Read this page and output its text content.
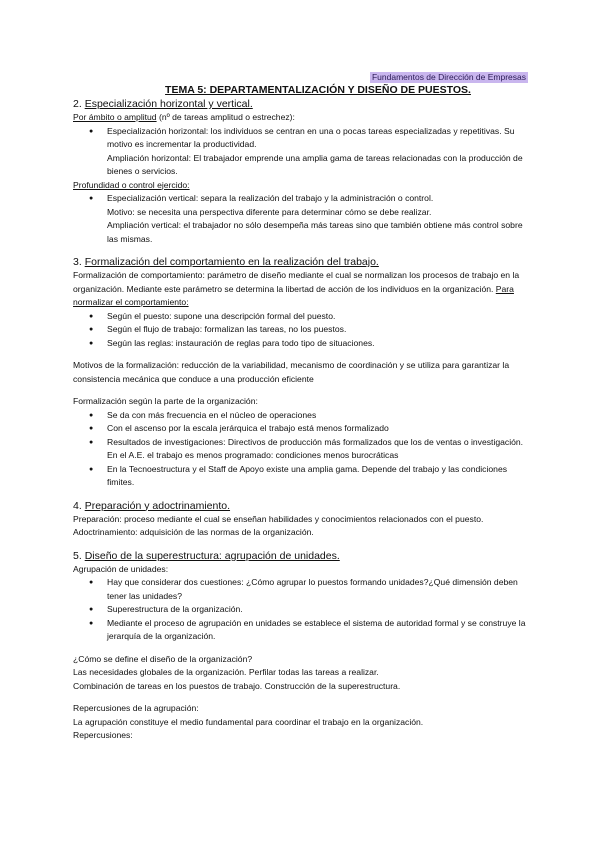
Fundamentos de Dirección de Empresas
TEMA 5: DEPARTAMENTALIZACIÓN Y DISEÑO DE PUESTOS.
2. Especialización horizontal y vertical.
Por ámbito o amplitud (nº de tareas amplitud o estrechez):
● Especialización horizontal: los individuos se centran en una o pocas tareas especializadas y repetitivas. Su motivo es incrementar la productividad.
Ampliación horizontal: El trabajador emprende una amplia gama de tareas relacionadas con la producción de bienes o servicios.
Profundidad o control ejercido:
● Especialización vertical: separa la realización del trabajo y la administración o control.
Motivo: se necesita una perspectiva diferente para determinar cómo se debe realizar.
Ampliación vertical: el trabajador no sólo desempeña más tareas sino que también obtiene más control sobre las mismas.
3. Formalización del comportamiento en la realización del trabajo.
Formalización de comportamiento: parámetro de diseño mediante el cual se normalizan los procesos de trabajo en la organización. Mediante este parámetro se determina la libertad de acción de los individuos en la organización. Para normalizar el comportamiento:
● Según el puesto: supone una descripción formal del puesto.
● Según el flujo de trabajo: formalizan las tareas, no los puestos.
● Según las reglas: instauración de reglas para todo tipo de situaciones.
Motivos de la formalización: reducción de la variabilidad, mecanismo de coordinación y se utiliza para garantizar la consistencia mecánica que conduce a una producción eficiente
Formalización según la parte de la organización:
● Se da con más frecuencia en el núcleo de operaciones
● Con el ascenso por la escala jerárquica el trabajo está menos formalizado
● Resultados de investigaciones: Directivos de producción más formalizados que los de ventas o investigación. En el A.E. el trabajo es menos programado: condiciones menos burocráticas
● En la Tecnoestructura y el Staff de Apoyo existe una amplia gama. Depende del trabajo y las condiciones fimites.
4. Preparación y adoctrinamiento.
Preparación: proceso mediante el cual se enseñan habilidades y conocimientos relacionados con el puesto. Adoctrinamiento: adquisición de las normas de la organización.
5. Diseño de la superestructura: agrupación de unidades.
Agrupación de unidades:
● Hay que considerar dos cuestiones: ¿Cómo agrupar lo puestos formando unidades?¿Qué dimensión deben tener las unidades?
● Superestructura de la organización.
● Mediante el proceso de agrupación en unidades se establece el sistema de autoridad formal y se construye la jerarquía de la organización.
¿Cómo se define el diseño de la organización?
Las necesidades globales de la organización. Perfilar todas las tareas a realizar.
Combinación de tareas en los puestos de trabajo. Construcción de la superestructura.
Repercusiones de la agrupación:
La agrupación constituye el medio fundamental para coordinar el trabajo en la organización.
Repercusiones:
